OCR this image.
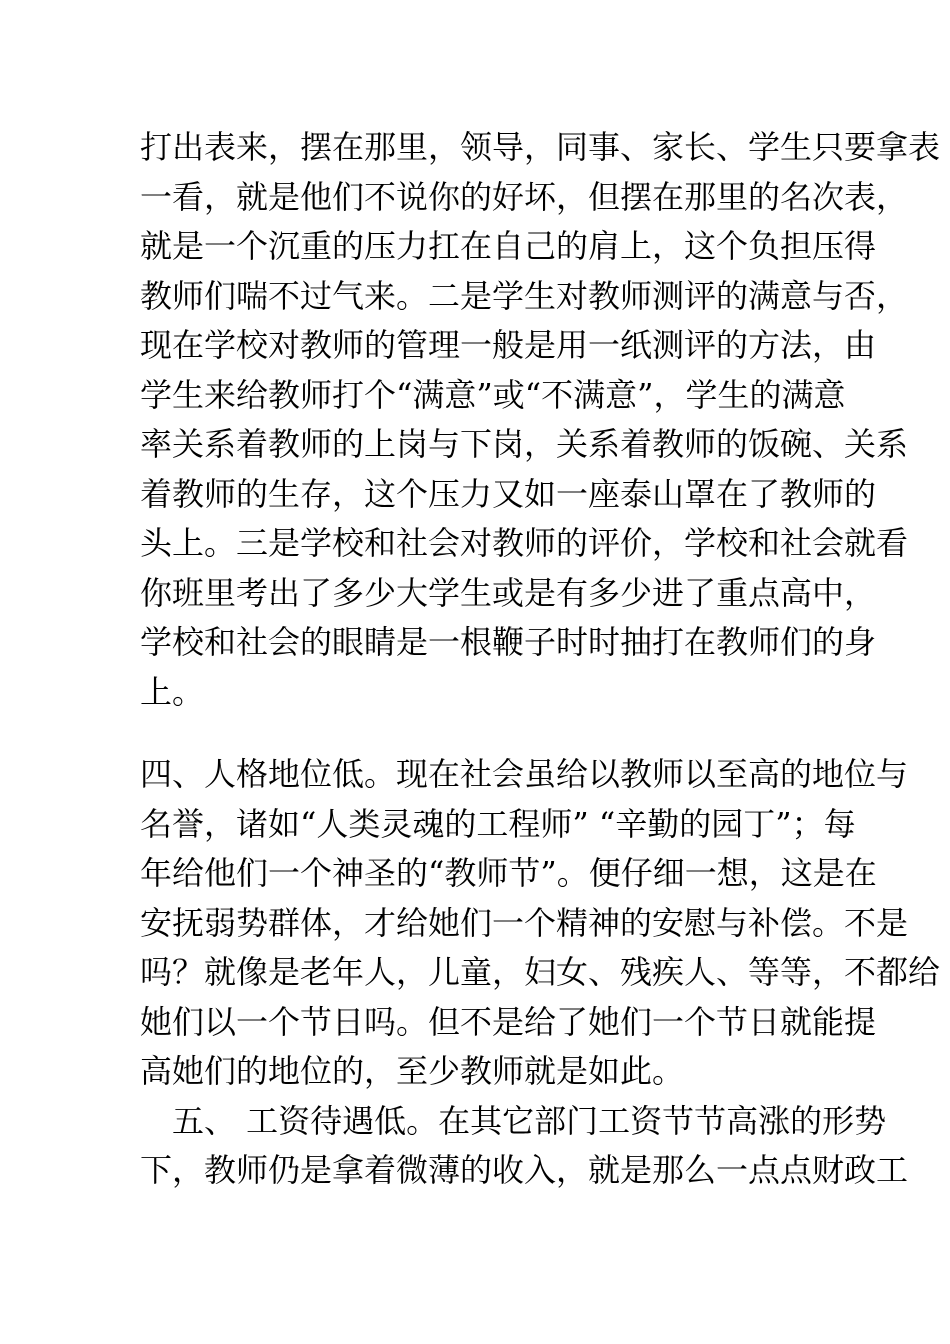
打出表来，摆在那里，领导，同事、家长、学生只要拿表
一看，就是他们不说你的好坏，但摆在那里的名次表，
就是一个沉重的压力扛在自己的肩上，这个负担压得
教师们喘不过气来。二是学生对教师测评的满意与否，
现在学校对教师的管理一般是用一纸测评的方法，由
学生来给教师打个“满意”或“不满意”，学生的满意
率关系着教师的上岗与下岗，关系着教师的饭碗、关系
着教师的生存，这个压力又如一座泰山罩在了教师的
头上。三是学校和社会对教师的评价，学校和社会就看
你班里考出了多少大学生或是有多少进了重点高中，
学校和社会的眼睛是一根鞭子时时抽打在教师们的身
上。
四、人格地位低。现在社会虽给以教师以至高的地位与
名誉，诸如“人类灵魂的工程师” “辛勤的园丁”；每
年给他们一个神圣的“教师节”。便仔细一想，这是在
安抚弱势群体，才给她们一个精神的安慰与补偿。不是
吗？就像是老年人，儿童，妇女、残疾人、等等，不都给
她们以一个节日吗。但不是给了她们一个节日就能提
高她们的地位的，至少教师就是如此。
五、 工资待遇低。在其它部门工资节节高涨的形势
下，教师仍是拿着微薄的收入，就是那么一点点财政工
